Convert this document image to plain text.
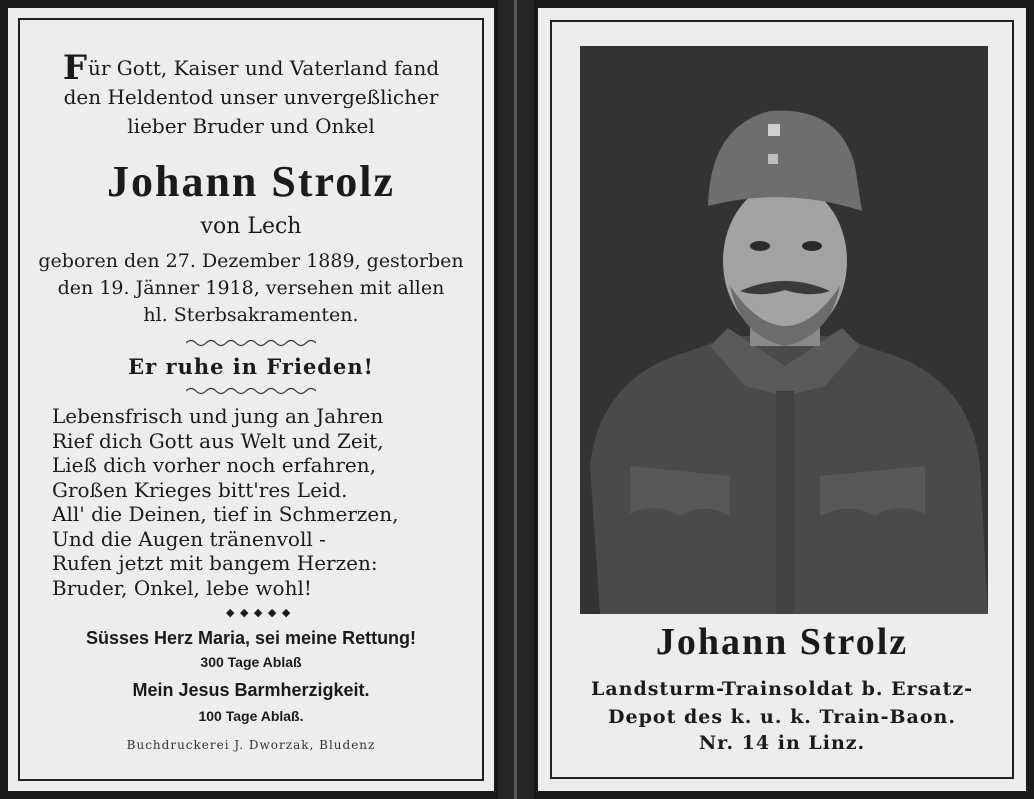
Für Gott, Kaiser und Vaterland fand
den Heldentod unser unvergeßlicher
lieber Bruder und Onkel
Johann Strolz
von Lech
geboren den 27. Dezember 1889, gestorben
den 19. Jänner 1918, versehen mit allen
hl. Sterbsakramenten.
Er ruhe in Frieden!
Lebensfrisch und jung an Jahren
Rief dich Gott aus Welt und Zeit,
Ließ dich vorher noch erfahren,
Großen Krieges bitt'res Leid.
All' die Deinen, tief in Schmerzen,
Und die Augen tränenvoll -
Rufen jetzt mit bangem Herzen:
Bruder, Onkel, lebe wohl!
◆ ◆ ◆ ◆ ◆
Süsses Herz Maria, sei meine Rettung!
300 Tage Ablaß
Mein Jesus Barmherzigkeit.
100 Tage Ablaß.
Buchdruckerei J. Dworzak, Bludenz
Johann Strolz
Landsturm-Trainsoldat b. Ersatz-
Depot des k. u. k. Train-Baon.
Nr. 14 in Linz.
